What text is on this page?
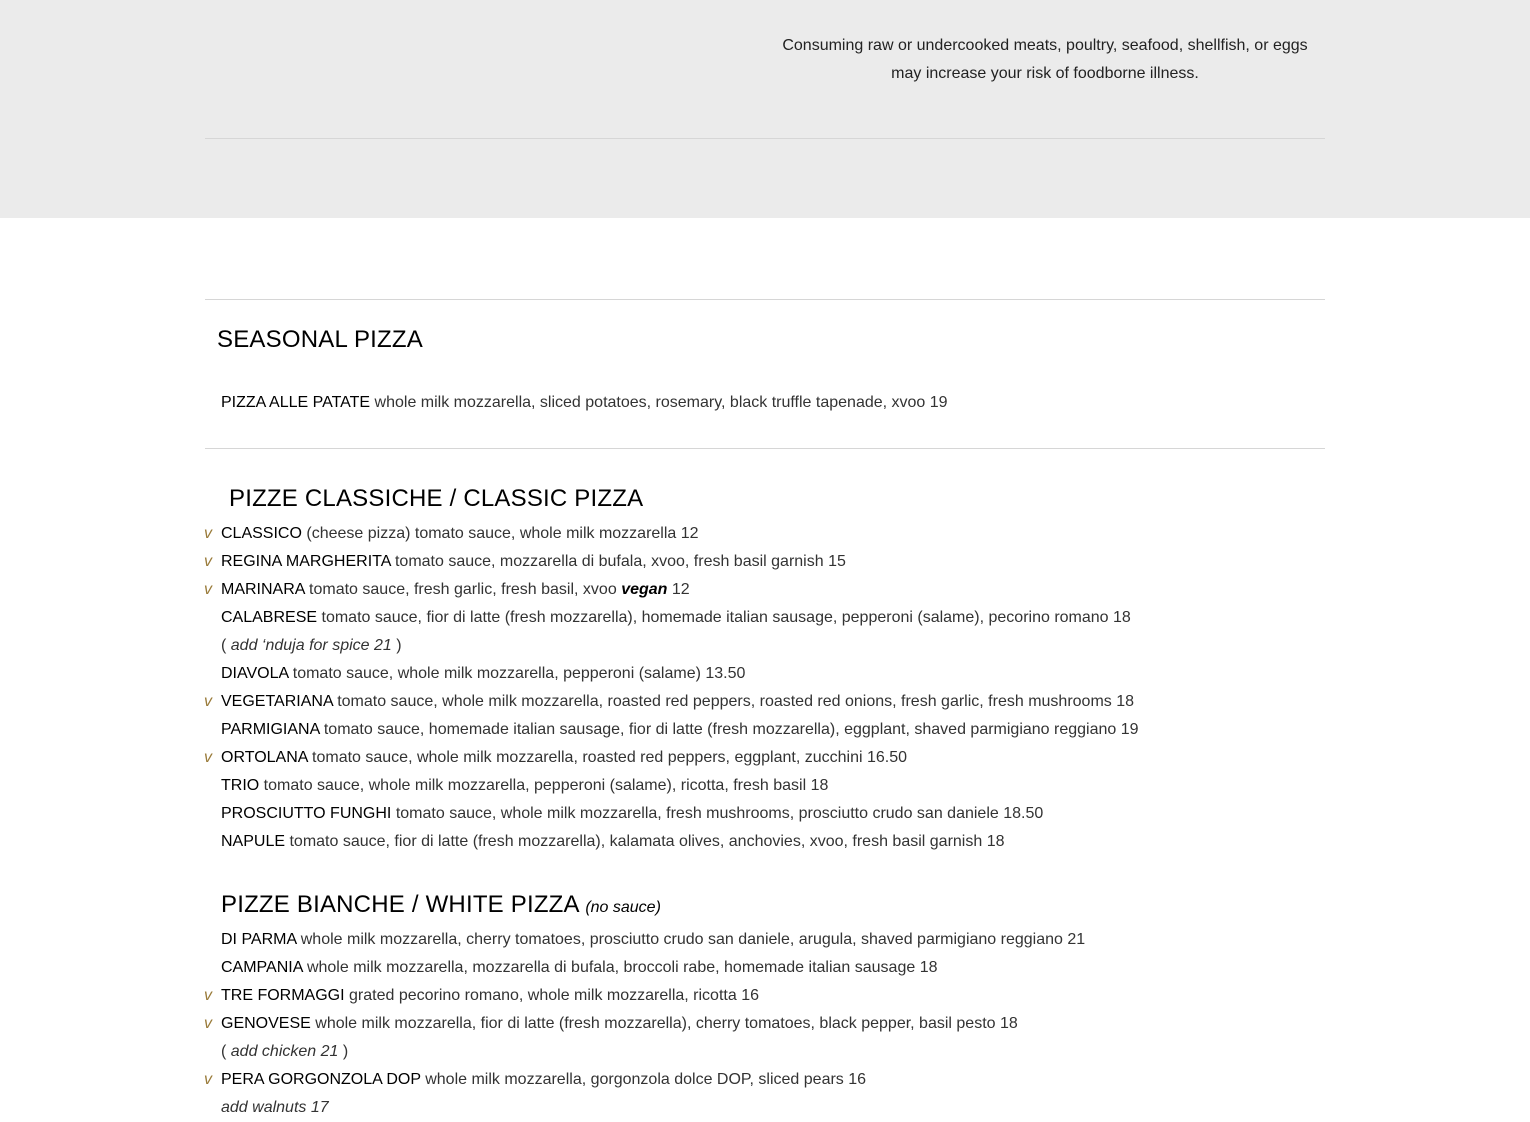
Consuming raw or undercooked meats, poultry, seafood, shellfish, or eggs
may increase your risk of foodborne illness.
SEASONAL PIZZA
PIZZA ALLE PATATE whole milk mozzarella, sliced potatoes, rosemary, black truffle tapenade, xvoo 19
PIZZE CLASSICHE / CLASSIC PIZZA
v CLASSICO (cheese pizza) tomato sauce, whole milk mozzarella 12
v REGINA MARGHERITA tomato sauce, mozzarella di bufala, xvoo, fresh basil garnish 15
v MARINARA tomato sauce, fresh garlic, fresh basil, xvoo vegan 12
CALABRESE tomato sauce, fior di latte (fresh mozzarella), homemade italian sausage, pepperoni (salame), pecorino romano 18
( add ‘nduja for spice 21 )
DIAVOLA tomato sauce, whole milk mozzarella, pepperoni (salame) 13.50
v VEGETARIANA tomato sauce, whole milk mozzarella, roasted red peppers, roasted red onions, fresh garlic, fresh mushrooms 18
PARMIGIANA tomato sauce, homemade italian sausage, fior di latte (fresh mozzarella), eggplant, shaved parmigiano reggiano 19
v ORTOLANA tomato sauce, whole milk mozzarella, roasted red peppers, eggplant, zucchini 16.50
TRIO tomato sauce, whole milk mozzarella, pepperoni (salame), ricotta, fresh basil 18
PROSCIUTTO FUNGHI tomato sauce, whole milk mozzarella, fresh mushrooms, prosciutto crudo san daniele 18.50
NAPULE tomato sauce, fior di latte (fresh mozzarella), kalamata olives, anchovies, xvoo, fresh basil garnish 18
PIZZE BIANCHE / WHITE PIZZA (no sauce)
DI PARMA whole milk mozzarella, cherry tomatoes, prosciutto crudo san daniele, arugula, shaved parmigiano reggiano 21
CAMPANIA whole milk mozzarella, mozzarella di bufala, broccoli rabe, homemade italian sausage 18
v TRE FORMAGGI grated pecorino romano, whole milk mozzarella, ricotta 16
v GENOVESE whole milk mozzarella, fior di latte (fresh mozzarella), cherry tomatoes, black pepper, basil pesto 18
( add chicken 21 )
v PERA GORGONZOLA DOP whole milk mozzarella, gorgonzola dolce DOP, sliced pears 16
add walnuts 17
